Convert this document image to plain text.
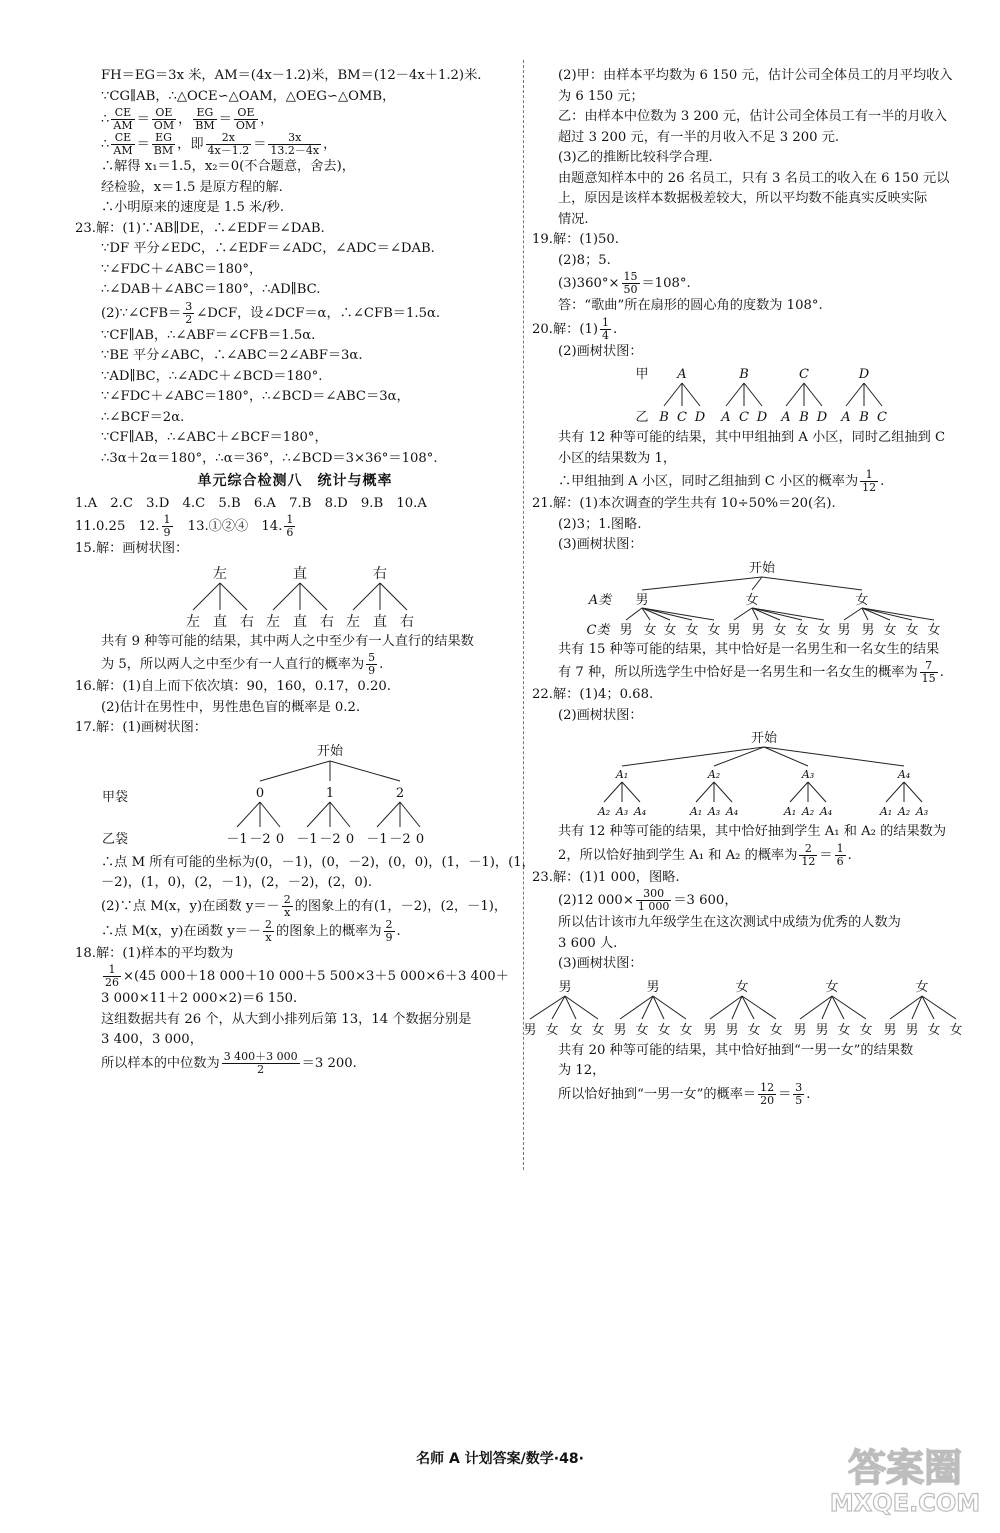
FH＝EG＝3x 米，AM＝(4x－1.2)米，BM＝(12－4x＋1.2)米.
∵CG∥AB，∴△OCE∽△OAM，△OEG∽△OMB，
∴ $\frac{CE}{AM} = \frac{OE}{OM}$ ， $\frac{EG}{BM} = \frac{OE}{OM}$ ，
∴ $\frac{CE}{AM} = \frac{EG}{BM}$ ，即 $\frac{2x}{4x-1.2} = \frac{3x}{13.2-4x}$ ，
∴解得 x₁＝1.5，x₂＝0(不合题意，舍去)，
经检验，x＝1.5 是原方程的解.
∴小明原来的速度是 1.5 米/秒.
23.解：(1)∵AB∥DE，∴∠EDF＝∠DAB.
∵DF 平分∠EDC，∴∠EDF＝∠ADC，∠ADC＝∠DAB.
∵∠FDC＋∠ABC＝180°，
∴∠DAB＋∠ABC＝180°，∴AD∥BC.
(2)∵∠CFB＝ $\frac{3}{2}$ ∠DCF，设∠DCF＝α，∴∠CFB＝1.5α.
∵CF∥AB，∴∠ABF＝∠CFB＝1.5α.
∵BE 平分∠ABC，∴∠ABC＝2∠ABF＝3α.
∵AD∥BC，∴∠ADC＋∠BCD＝180°.
∵∠FDC＋∠ABC＝180°，∴∠BCD＝∠ABC＝3α，
∴∠BCF＝2α.
∵CF∥AB，∴∠ABC＋∠BCF＝180°，
∴3α＋2α＝180°，∴α＝36°，∴∠BCD＝3×36°＝108°.
单元综合检测八　统计与概率
1.A　2.C　3.D　4.C　5.B　6.A　7.B　8.D　9.B　10.A
11.0.25　12. $\frac{1}{9}$ 　13.①②④　14. $\frac{1}{6}$
15.解：画树状图：
左	直	右
左 直 右 左 直 右 左 直 右
共有 9 种等可能的结果，其中两人之中至少有一人直行的结果数
为 5，所以两人之中至少有一人直行的概率为 $\frac{5}{9}$ .
16.解：(1)自上而下依次填：90，160，0.17，0.20.
(2)估计在男性中，男性患色盲的概率是 0.2.
17.解：(1)画树状图：
开始
甲袋	0	1	2
乙袋	－1 －2 0 －1 －2 0 －1 －2 0
∴点 M 所有可能的坐标为(0，－1)，(0，－2)，(0，0)，(1，－1)，(1，
－2)，(1，0)，(2，－1)，(2，－2)，(2，0).
(2)∵点 M(x，y)在函数 $y=- \frac{2}{x}$ 的图象上的有(1，－2)，(2，－1)，
∴点 M(x，y)在函数 $y=- \frac{2}{x}$ 的图象上的概率为 $\frac{2}{9}$ .
18.解：(1)样本的平均数为
$\frac{1}{26} \times(45$ 000＋18 000＋10 000＋5 500×3＋5 000×6＋3 400＋
3 000×11＋2 000×2)＝6 150.
这组数据共有 26 个，从大到小排列后第 13，14 个数据分别是
3 400，3 000，
所以样本的中位数为 $\frac{3 400+3 000}{2} =3$ 200.
(2)甲：由样本平均数为 6 150 元，估计公司全体员工的月平均收入
为 6 150 元；
乙：由样本中位数为 3 200 元，估计公司全体员工有一半的月收入
超过 3 200 元，有一半的月收入不足 3 200 元.
(3)乙的推断比较科学合理.
由题意知样本中的 26 名员工，只有 3 名员工的收入在 6 150 元以
上，原因是该样本数据极差较大，所以平均数不能真实反映实际
情况.
19.解：(1)50.
(2)8；5.
$(3)360^\circ\times \frac{15}{50} =108^\circ$.
答：“歌曲”所在扇形的圆心角的度数为 108°.
20.解：$(1) \frac{1}{4}$ .
(2)画树状图：
甲 A	B	C	D
乙 B C D A C D A B D A B C
共有 12 种等可能的结果，其中甲组抽到 A 小区，同时乙组抽到 C
小区的结果数为 1，
∴甲组抽到 A 小区，同时乙组抽到 C 小区的概率为 $\frac{1}{12}$ .
21.解：(1)本次调查的学生共有 10÷50%＝20(名).
(2)3；1.图略.
(3)画树状图：
开始
A类 男	女	女
C类 男 女 女 女 女 男 男 女 女 女 男 男 女 女 女
共有 15 种等可能的结果，其中恰好是一名男生和一名女生的结果
有 7 种，所以所选学生中恰好是一名男生和一名女生的概率为 $\frac{7}{15}$ .
22.解：(1)4；0.68.
(2)画树状图：
开始
A₁	A₂	A₃	A₄
A₂ A₃ A₄	A₁ A₃ A₄	A₁ A₂ A₄	A₁ A₂ A₃
共有 12 种等可能的结果，其中恰好抽到学生 A₁ 和 A₂ 的结果数为
2，所以恰好抽到学生 A₁ 和 A₂ 的概率为 $\frac{2}{12} = \frac{1}{6}$ .
23.解：(1)1 000，图略.
(2)12 $000\times \frac{300}{1 000} =3$ 600，
所以估计该市九年级学生在这次测试中成绩为优秀的人数为
3 600 人.
(3)画树状图：
男	男	女	女	女
男 女 女 女 男 女 女 女 男 男 女 女 男 男 女 女 男 男 女 女
共有 20 种等可能的结果，其中恰好抽到“一男一女”的结果数
为 12，
所以恰好抽到“一男一女”的概率＝ $\frac{12}{20} = \frac{3}{5}$ .
名师 A 计划答案/数学·48·	答案圈
MXQE.COM
